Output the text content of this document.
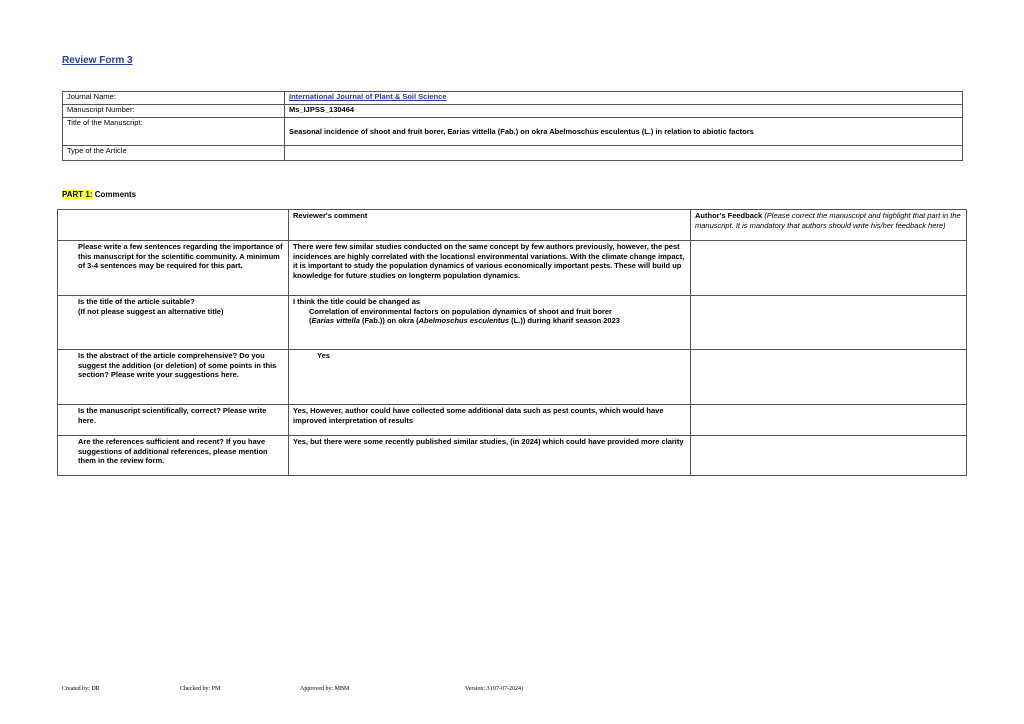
Review Form 3
Journal Name:	International Journal of Plant & Soil Science
Manuscript Number:	Ms_IJPSS_130464
Title of the Manuscript:	Seasonal incidence of shoot and fruit borer, Earias vittella (Fab.) on okra Abelmoschus esculentus (L.) in relation to abiotic factors
Type of the Article	
PART 1: Comments
	Reviewer's comment	Author's Feedback (Please correct the manuscript and highlight that part in the manuscript. It is mandatory that authors should write his/her feedback here)
Please write a few sentences regarding the importance of this manuscript for the scientific community. A minimum of 3-4 sentences may be required for this part.	There were few similar studies conducted on the same concept by few authors previously, however, the pest incidences are highly correlated with the locationsl environmental variations. With the climate change impact, it is important to study the population dynamics of various economically important pests. These will build up knowledge for future studies on longterm population dynamics.	

Is the title of the article suitable?
(If not please suggest an alternative title)	I think the title could be changed as
Correlation of environmental factors on population dynamics of shoot and fruit borer
(Earias vittella (Fab.)) on okra (Abelmoschus esculentus (L.)) during kharif season 2023	

Is the abstract of the article comprehensive? Do you suggest the addition (or deletion) of some points in this section? Please write your suggestions here.	Yes	

Is the manuscript scientifically, correct? Please write here.	Yes, However, author could have collected some additional data such as pest counts, which would have improved interpretation of results	
Are the references sufficient and recent? If you have suggestions of additional references, please mention them in the review form.	Yes, but there were some recently published similar studies, (in 2024) which could have provided more clarity	
Created by: DR	Checked by: PM	Approved by: MBM	Version: 3 (07-07-2024)
